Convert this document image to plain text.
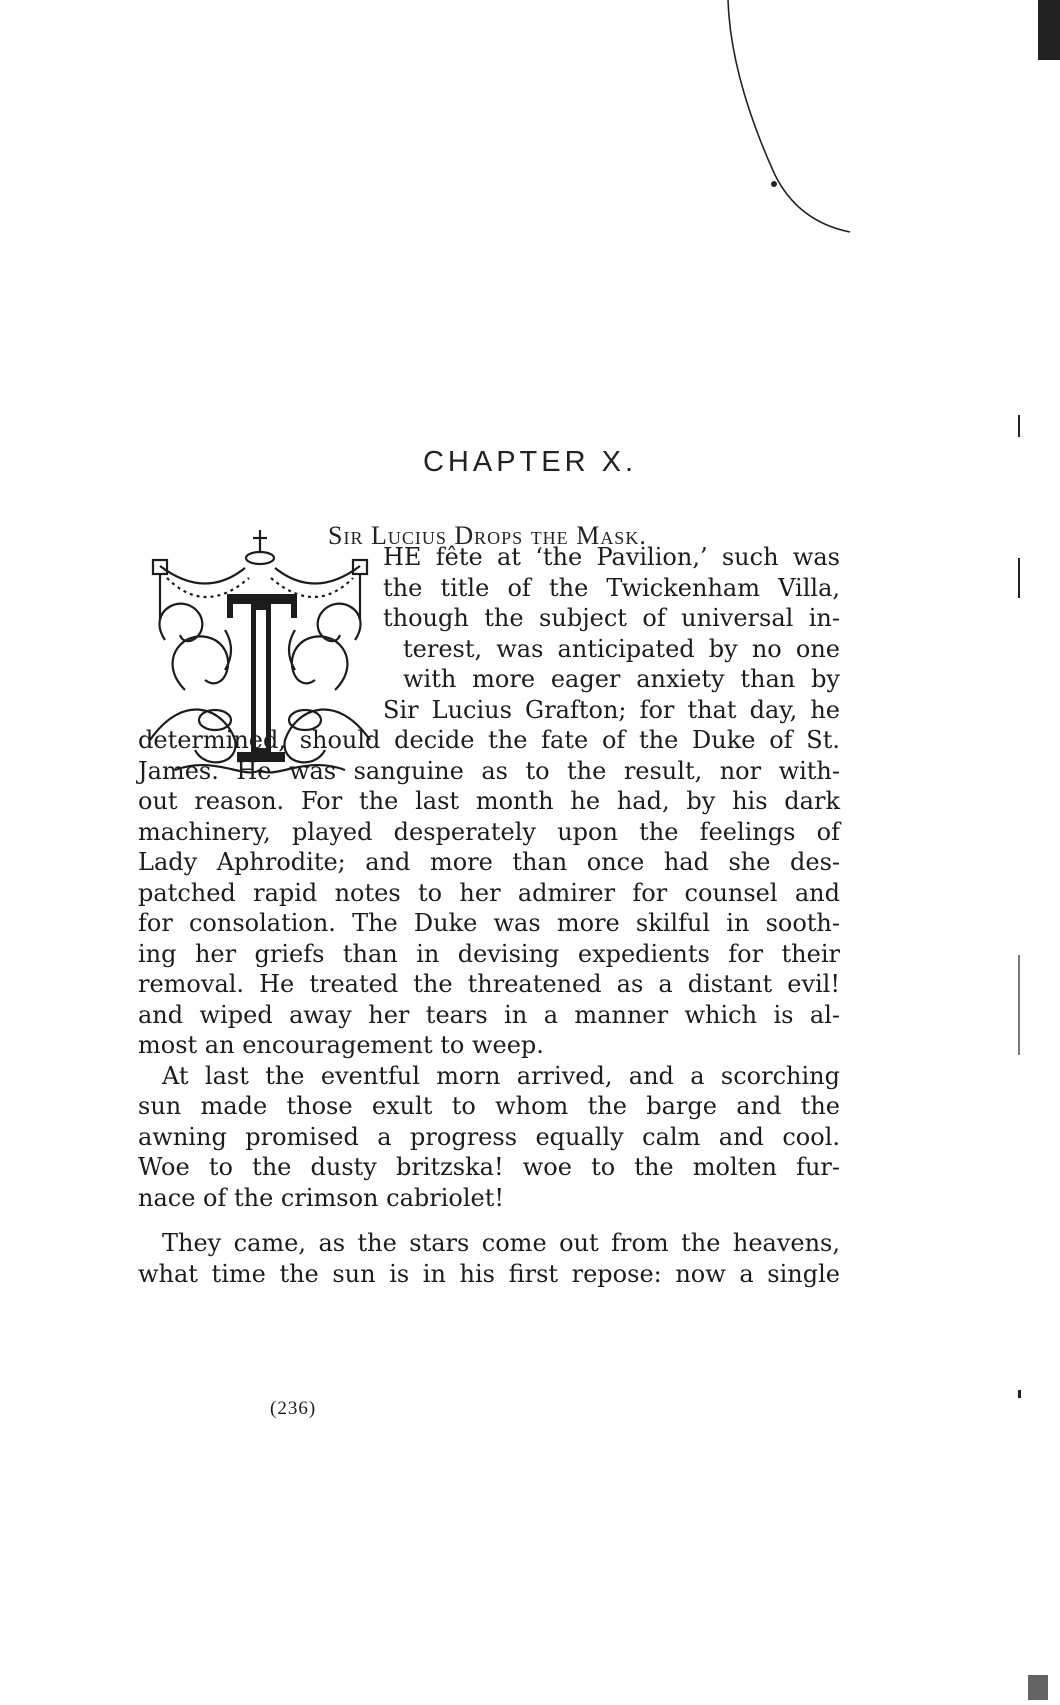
CHAPTER X.
Sir Lucius Drops the Mask.
HE fête at ‘the Pavilion,’ such was
the title of the Twickenham Villa,
though the subject of universal in-
terest, was anticipated by no one
with more eager anxiety than by
Sir Lucius Grafton; for that day, he
determined, should decide the fate of the Duke of St.
James. He was sanguine as to the result, nor with-
out reason. For the last month he had, by his dark
machinery, played desperately upon the feelings of
Lady Aphrodite; and more than once had she des-
patched rapid notes to her admirer for counsel and
for consolation. The Duke was more skilful in sooth-
ing her griefs than in devising expedients for their
removal. He treated the threatened as a distant evil!
and wiped away her tears in a manner which is al-
most an encouragement to weep.
At last the eventful morn arrived, and a scorching
sun made those exult to whom the barge and the
awning promised a progress equally calm and cool.
Woe to the dusty britzska! woe to the molten fur-
nace of the crimson cabriolet!
They came, as the stars come out from the heavens,
what time the sun is in his first repose: now a single
(236)
